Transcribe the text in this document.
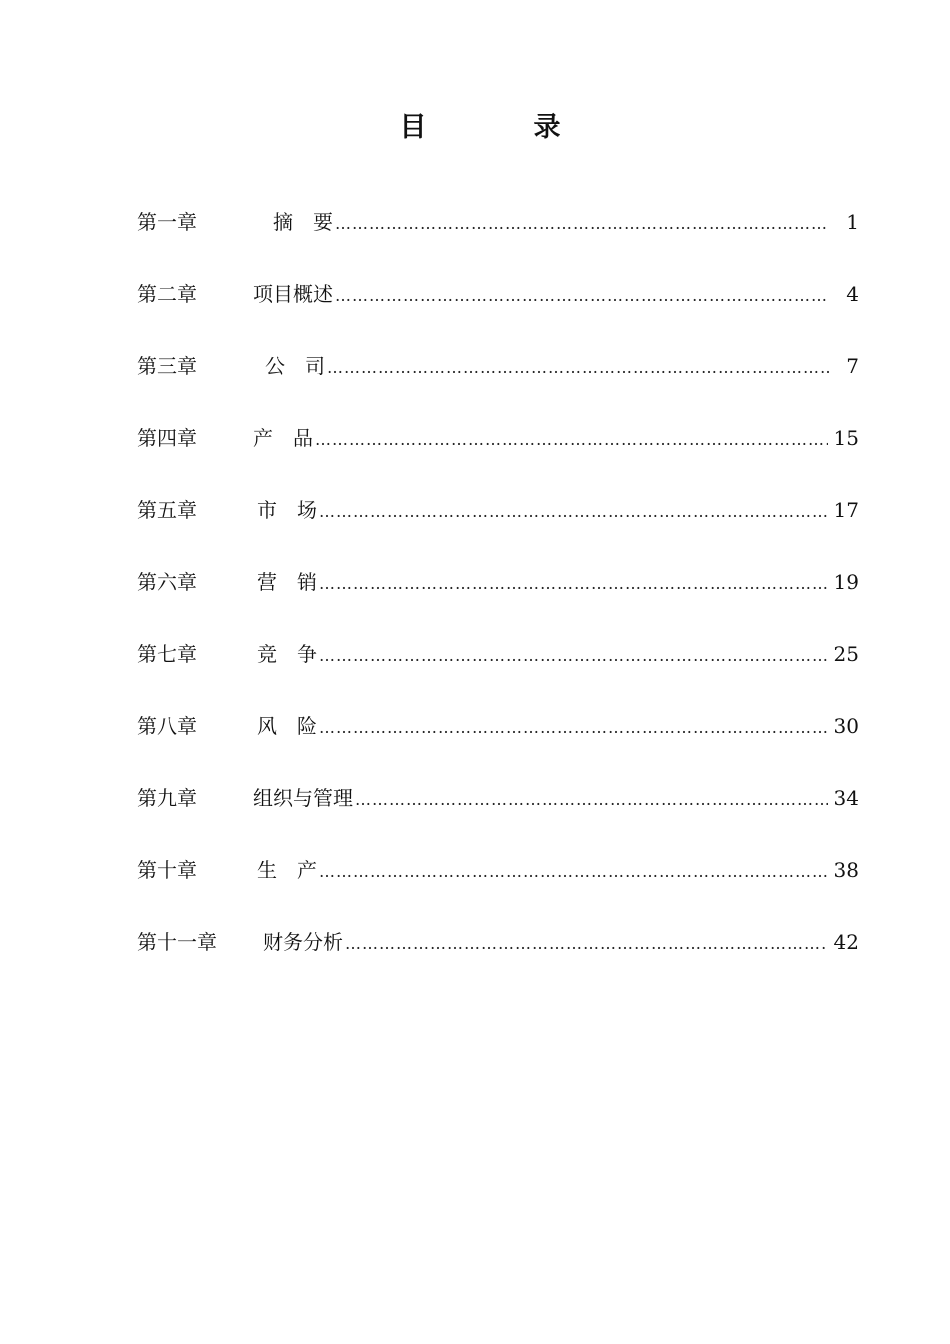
目　录
第一章	摘　要 …………………………………………………………………………………………………………………………………………………………	1
第二章	项目概述 …………………………………………………………………………………………………………………………………………………………	4
第三章	公　司 …………………………………………………………………………………………………………………………………………………………	7
第四章	产　品 …………………………………………………………………………………………………………………………………………………………	15
第五章	市　场 …………………………………………………………………………………………………………………………………………………………	17
第六章	营　销 …………………………………………………………………………………………………………………………………………………………	19
第七章	竞　争 …………………………………………………………………………………………………………………………………………………………	25
第八章	风　险 …………………………………………………………………………………………………………………………………………………………	30
第九章	组织与管理 …………………………………………………………………………………………………………………………………………………………	34
第十章	生　产 …………………………………………………………………………………………………………………………………………………………	38
第十一章	财务分析 …………………………………………………………………………………………………………………………………………………………	42
